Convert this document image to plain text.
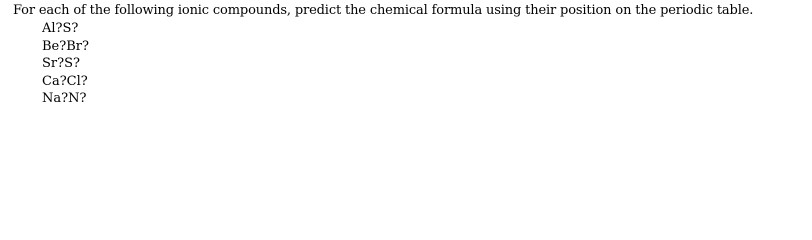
For each of the following ionic compounds, predict the chemical formula using their position on the periodic table.

Al?S?
Be?Br?
Sr?S?
Ca?Cl?
Na?N?
